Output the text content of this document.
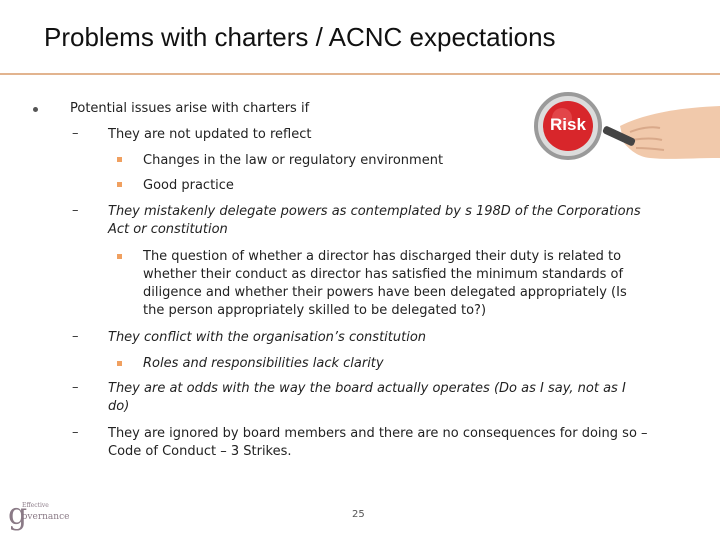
Problems with charters / ACNC expectations
Potential issues arise with charters if
– They are not updated to reflect
Changes in the law or regulatory environment
Good practice
– They mistakenly delegate powers as contemplated by s 198D of the Corporations
Act or constitution
The question of whether a director has discharged their duty is related to
whether their conduct as director has satisfied the minimum standards of
diligence and whether their powers have been delegated appropriately (Is
the person appropriately skilled to be delegated to?)
– They conflict with the organisation’s constitution
Roles and responsibilities lack clarity
– They are at odds with the way the board actually operates (Do as I say, not as I
do)
– They are ignored by board members and there are no consequences for doing so –
Code of Conduct – 3 Strikes.
Risk
g
Effective
overnance	25
